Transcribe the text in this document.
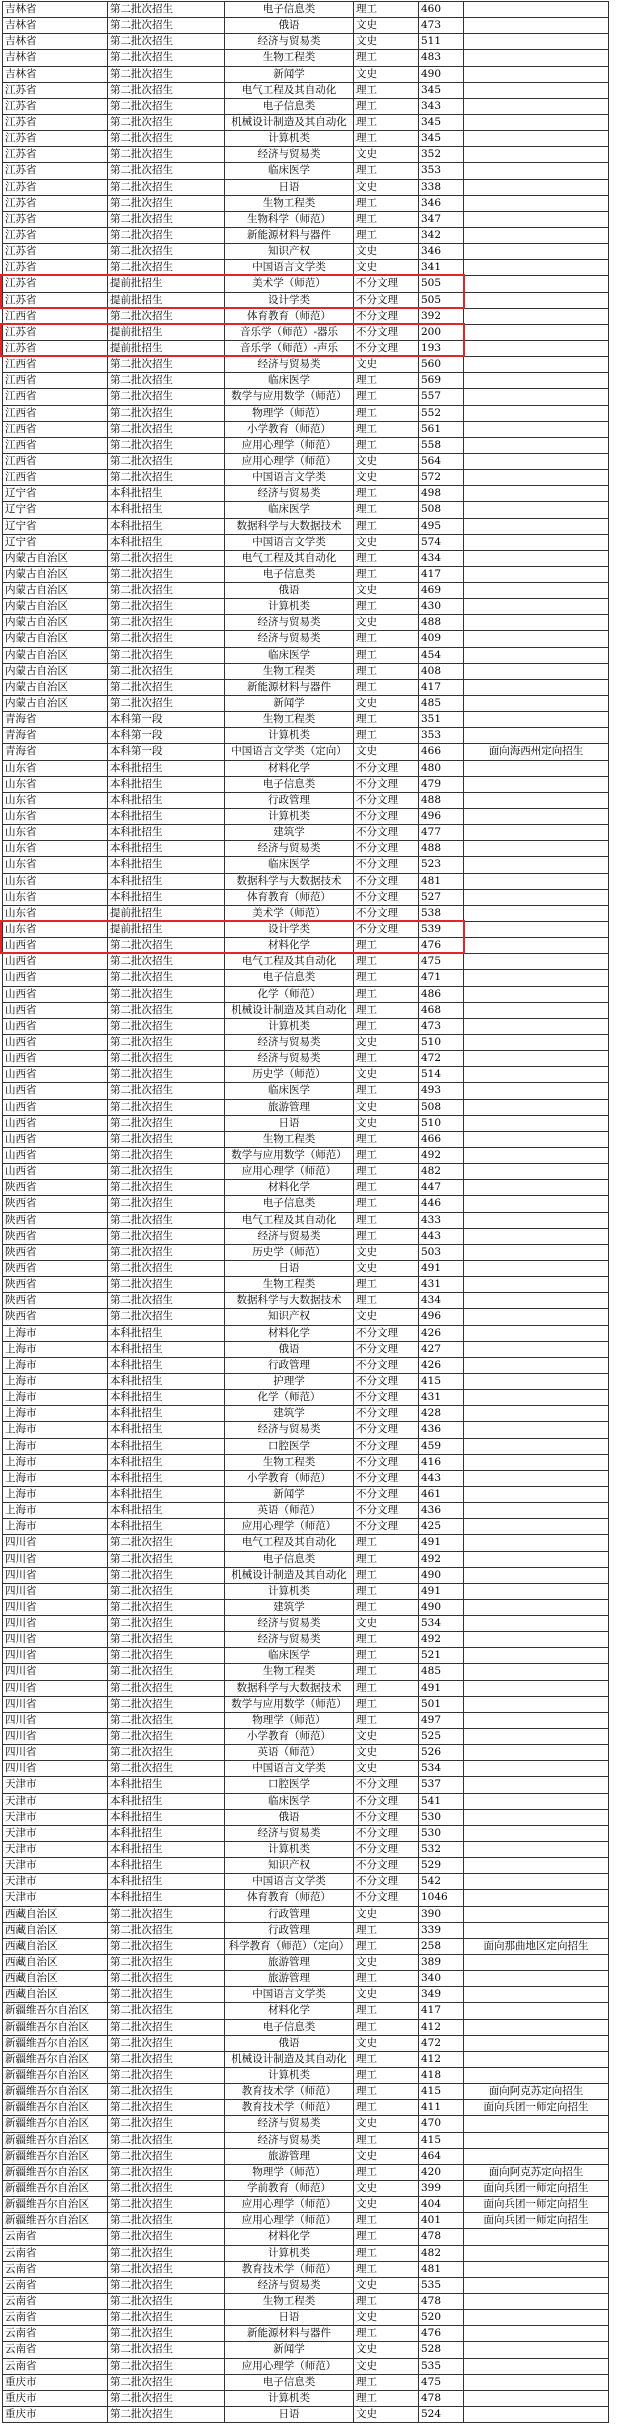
吉林省	第二批次招生	电子信息类	理工	460	
吉林省	第二批次招生	俄语	文史	473	
吉林省	第二批次招生	经济与贸易类	文史	511	
吉林省	第二批次招生	生物工程类	理工	483	
吉林省	第二批次招生	新闻学	文史	490	
江苏省	第二批次招生	电气工程及其自动化	理工	345	
江苏省	第二批次招生	电子信息类	理工	343	
江苏省	第二批次招生	机械设计制造及其自动化	理工	345	
江苏省	第二批次招生	计算机类	理工	345	
江苏省	第二批次招生	经济与贸易类	文史	352	
江苏省	第二批次招生	临床医学	理工	353	
江苏省	第二批次招生	日语	文史	338	
江苏省	第二批次招生	生物工程类	理工	346	
江苏省	第二批次招生	生物科学（师范）	理工	347	
江苏省	第二批次招生	新能源材料与器件	理工	342	
江苏省	第二批次招生	知识产权	文史	346	
江苏省	第二批次招生	中国语言文学类	文史	341	
江苏省	提前批招生	美术学（师范）	不分文理	505	
江苏省	提前批招生	设计学类	不分文理	505	
江西省	第二批次招生	体育教育（师范）	不分文理	392	
江苏省	提前批招生	音乐学（师范）-器乐	不分文理	200	
江苏省	提前批招生	音乐学（师范）-声乐	不分文理	193	
江西省	第二批次招生	经济与贸易类	文史	560	
江西省	第二批次招生	临床医学	理工	569	
江西省	第二批次招生	数学与应用数学（师范）	理工	557	
江西省	第二批次招生	物理学（师范）	理工	552	
江西省	第二批次招生	小学教育（师范）	理工	561	
江西省	第二批次招生	应用心理学（师范）	理工	558	
江西省	第二批次招生	应用心理学（师范）	文史	564	
江西省	第二批次招生	中国语言文学类	文史	572	
辽宁省	本科批招生	经济与贸易类	理工	498	
辽宁省	本科批招生	临床医学	理工	508	
辽宁省	本科批招生	数据科学与大数据技术	理工	495	
辽宁省	本科批招生	中国语言文学类	文史	574	
内蒙古自治区	第二批次招生	电气工程及其自动化	理工	434	
内蒙古自治区	第二批次招生	电子信息类	理工	417	
内蒙古自治区	第二批次招生	俄语	文史	469	
内蒙古自治区	第二批次招生	计算机类	理工	430	
内蒙古自治区	第二批次招生	经济与贸易类	文史	488	
内蒙古自治区	第二批次招生	经济与贸易类	理工	409	
内蒙古自治区	第二批次招生	临床医学	理工	454	
内蒙古自治区	第二批次招生	生物工程类	理工	408	
内蒙古自治区	第二批次招生	新能源材料与器件	理工	417	
内蒙古自治区	第二批次招生	新闻学	文史	485	
青海省	本科第一段	生物工程类	理工	351	
青海省	本科第一段	计算机类	理工	353	
青海省	本科第一段	中国语言文学类（定向）	文史	466	面向海西州定向招生
山东省	本科批招生	材料化学	不分文理	480	
山东省	本科批招生	电子信息类	不分文理	479	
山东省	本科批招生	行政管理	不分文理	488	
山东省	本科批招生	计算机类	不分文理	496	
山东省	本科批招生	建筑学	不分文理	477	
山东省	本科批招生	经济与贸易类	不分文理	488	
山东省	本科批招生	临床医学	不分文理	523	
山东省	本科批招生	数据科学与大数据技术	不分文理	481	
山东省	本科批招生	体育教育（师范）	不分文理	527	
山东省	提前批招生	美术学（师范）	不分文理	538	
山东省	提前批招生	设计学类	不分文理	539	
山西省	第二批次招生	材料化学	理工	476	
山西省	第二批次招生	电气工程及其自动化	理工	475	
山西省	第二批次招生	电子信息类	理工	471	
山西省	第二批次招生	化学（师范）	理工	486	
山西省	第二批次招生	机械设计制造及其自动化	理工	468	
山西省	第二批次招生	计算机类	理工	473	
山西省	第二批次招生	经济与贸易类	文史	510	
山西省	第二批次招生	经济与贸易类	理工	472	
山西省	第二批次招生	历史学（师范）	文史	514	
山西省	第二批次招生	临床医学	理工	493	
山西省	第二批次招生	旅游管理	文史	508	
山西省	第二批次招生	日语	文史	510	
山西省	第二批次招生	生物工程类	理工	466	
山西省	第二批次招生	数学与应用数学（师范）	理工	492	
山西省	第二批次招生	应用心理学（师范）	理工	482	
陕西省	第二批次招生	材料化学	理工	447	
陕西省	第二批次招生	电子信息类	理工	446	
陕西省	第二批次招生	电气工程及其自动化	理工	433	
陕西省	第二批次招生	经济与贸易类	理工	443	
陕西省	第二批次招生	历史学（师范）	文史	503	
陕西省	第二批次招生	日语	文史	491	
陕西省	第二批次招生	生物工程类	理工	431	
陕西省	第二批次招生	数据科学与大数据技术	理工	434	
陕西省	第二批次招生	知识产权	文史	496	
上海市	本科批招生	材料化学	不分文理	426	
上海市	本科批招生	俄语	不分文理	427	
上海市	本科批招生	行政管理	不分文理	426	
上海市	本科批招生	护理学	不分文理	415	
上海市	本科批招生	化学（师范）	不分文理	431	
上海市	本科批招生	建筑学	不分文理	428	
上海市	本科批招生	经济与贸易类	不分文理	436	
上海市	本科批招生	口腔医学	不分文理	459	
上海市	本科批招生	生物工程类	不分文理	416	
上海市	本科批招生	小学教育（师范）	不分文理	443	
上海市	本科批招生	新闻学	不分文理	461	
上海市	本科批招生	英语（师范）	不分文理	436	
上海市	本科批招生	应用心理学（师范）	不分文理	425	
四川省	第二批次招生	电气工程及其自动化	理工	491	
四川省	第二批次招生	电子信息类	理工	492	
四川省	第二批次招生	机械设计制造及其自动化	理工	490	
四川省	第二批次招生	计算机类	理工	491	
四川省	第二批次招生	建筑学	理工	490	
四川省	第二批次招生	经济与贸易类	文史	534	
四川省	第二批次招生	经济与贸易类	理工	492	
四川省	第二批次招生	临床医学	理工	521	
四川省	第二批次招生	生物工程类	理工	485	
四川省	第二批次招生	数据科学与大数据技术	理工	491	
四川省	第二批次招生	数学与应用数学（师范）	理工	501	
四川省	第二批次招生	物理学（师范）	理工	497	
四川省	第二批次招生	小学教育（师范）	文史	525	
四川省	第二批次招生	英语（师范）	文史	526	
四川省	第二批次招生	中国语言文学类	文史	534	
天津市	本科批招生	口腔医学	不分文理	537	
天津市	本科批招生	临床医学	不分文理	541	
天津市	本科批招生	俄语	不分文理	530	
天津市	本科批招生	经济与贸易类	不分文理	530	
天津市	本科批招生	计算机类	不分文理	532	
天津市	本科批招生	知识产权	不分文理	529	
天津市	本科批招生	中国语言文学类	不分文理	542	
天津市	本科批招生	体育教育（师范）	不分文理	1046	
西藏自治区	第二批次招生	行政管理	文史	390	
西藏自治区	第二批次招生	行政管理	理工	339	
西藏自治区	第二批次招生	科学教育（师范）（定向）	理工	258	面向那曲地区定向招生
西藏自治区	第二批次招生	旅游管理	文史	389	
西藏自治区	第二批次招生	旅游管理	理工	340	
西藏自治区	第二批次招生	中国语言文学类	文史	349	
新疆维吾尔自治区	第二批次招生	材料化学	理工	417	
新疆维吾尔自治区	第二批次招生	电子信息类	理工	412	
新疆维吾尔自治区	第二批次招生	俄语	文史	472	
新疆维吾尔自治区	第二批次招生	机械设计制造及其自动化	理工	412	
新疆维吾尔自治区	第二批次招生	计算机类	理工	418	
新疆维吾尔自治区	第二批次招生	教育技术学（师范）	理工	415	面向阿克苏定向招生
新疆维吾尔自治区	第二批次招生	教育技术学（师范）	理工	411	面向兵团一师定向招生
新疆维吾尔自治区	第二批次招生	经济与贸易类	文史	470	
新疆维吾尔自治区	第二批次招生	经济与贸易类	理工	415	
新疆维吾尔自治区	第二批次招生	旅游管理	文史	464	
新疆维吾尔自治区	第二批次招生	物理学（师范）	理工	420	面向阿克苏定向招生
新疆维吾尔自治区	第二批次招生	学前教育（师范）	文史	399	面向兵团一师定向招生
新疆维吾尔自治区	第二批次招生	应用心理学（师范）	文史	404	面向兵团一师定向招生
新疆维吾尔自治区	第二批次招生	应用心理学（师范）	理工	401	面向兵团一师定向招生
云南省	第二批次招生	材料化学	理工	478	
云南省	第二批次招生	计算机类	理工	482	
云南省	第二批次招生	教育技术学（师范）	理工	481	
云南省	第二批次招生	经济与贸易类	文史	535	
云南省	第二批次招生	生物工程类	理工	478	
云南省	第二批次招生	日语	文史	520	
云南省	第二批次招生	新能源材料与器件	理工	476	
云南省	第二批次招生	新闻学	文史	528	
云南省	第二批次招生	应用心理学（师范）	文史	535	
重庆市	第二批次招生	电子信息类	理工	475	
重庆市	第二批次招生	计算机类	理工	478	
重庆市	第二批次招生	日语	文史	524	
